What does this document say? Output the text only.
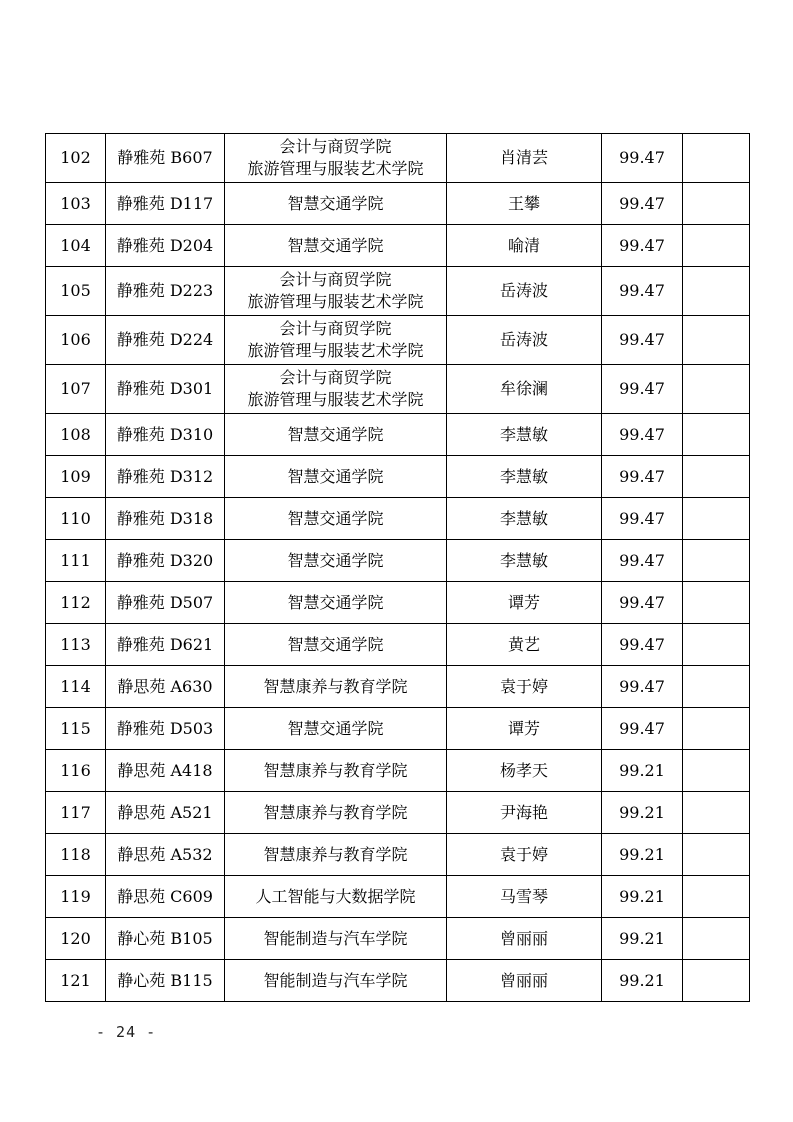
102	静雅苑 B607	会计与商贸学院
旅游管理与服装艺术学院	肖清芸	99.47	
103	静雅苑 D117	智慧交通学院	王攀	99.47	
104	静雅苑 D204	智慧交通学院	喻清	99.47	
105	静雅苑 D223	会计与商贸学院
旅游管理与服装艺术学院	岳涛波	99.47	
106	静雅苑 D224	会计与商贸学院
旅游管理与服装艺术学院	岳涛波	99.47	
107	静雅苑 D301	会计与商贸学院
旅游管理与服装艺术学院	牟徐澜	99.47	
108	静雅苑 D310	智慧交通学院	李慧敏	99.47	
109	静雅苑 D312	智慧交通学院	李慧敏	99.47	
110	静雅苑 D318	智慧交通学院	李慧敏	99.47	
111	静雅苑 D320	智慧交通学院	李慧敏	99.47	
112	静雅苑 D507	智慧交通学院	谭芳	99.47	
113	静雅苑 D621	智慧交通学院	黄艺	99.47	
114	静思苑 A630	智慧康养与教育学院	袁于婷	99.47	
115	静雅苑 D503	智慧交通学院	谭芳	99.47	
116	静思苑 A418	智慧康养与教育学院	杨孝天	99.21	
117	静思苑 A521	智慧康养与教育学院	尹海艳	99.21	
118	静思苑 A532	智慧康养与教育学院	袁于婷	99.21	
119	静思苑 C609	人工智能与大数据学院	马雪琴	99.21	
120	静心苑 B105	智能制造与汽车学院	曾丽丽	99.21	
121	静心苑 B115	智能制造与汽车学院	曾丽丽	99.21	
- 24 -
